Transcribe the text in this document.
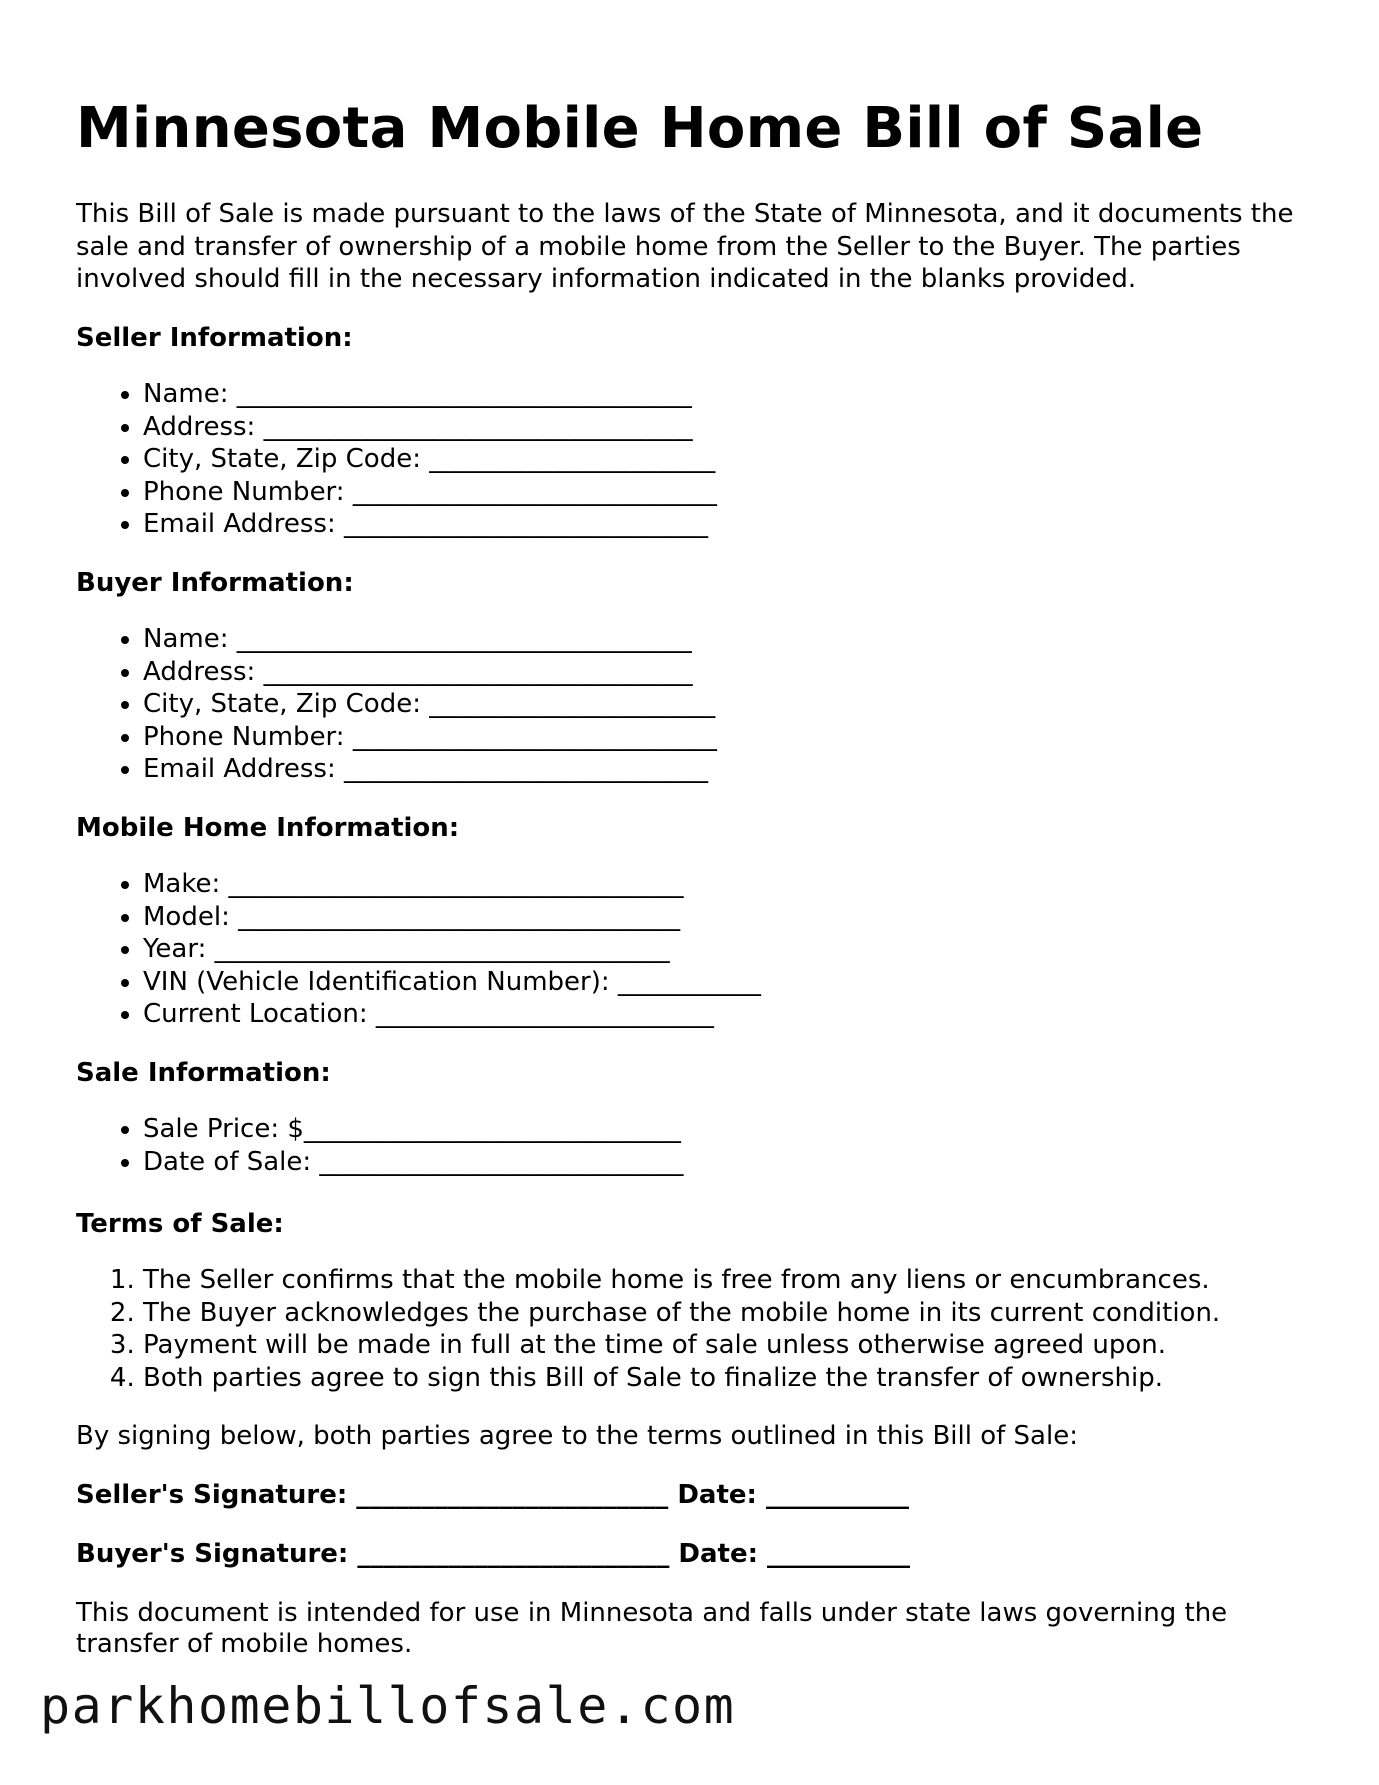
Minnesota Mobile Home Bill of Sale

This Bill of Sale is made pursuant to the laws of the State of Minnesota, and it documents the sale and transfer of ownership of a mobile home from the Seller to the Buyer. The parties involved should fill in the necessary information indicated in the blanks provided.

Seller Information:
• Name: ___________________________________
• Address: _________________________________
• City, State, Zip Code: ______________________
• Phone Number: ____________________________
• Email Address: ____________________________
Buyer Information:
• Name: ___________________________________
• Address: _________________________________
• City, State, Zip Code: ______________________
• Phone Number: ____________________________
• Email Address: ____________________________
Mobile Home Information:
• Make: ___________________________________
• Model: __________________________________
• Year: ___________________________________
• VIN (Vehicle Identification Number): ___________
• Current Location: __________________________
Sale Information:
• Sale Price: $_____________________________
• Date of Sale: ____________________________
Terms of Sale:
1. The Seller confirms that the mobile home is free from any liens or encumbrances.
2. The Buyer acknowledges the purchase of the mobile home in its current condition.
3. Payment will be made in full at the time of sale unless otherwise agreed upon.
4. Both parties agree to sign this Bill of Sale to finalize the transfer of ownership.

By signing below, both parties agree to the terms outlined in this Bill of Sale:

Seller's Signature: ________________________ Date: ___________

Buyer's Signature: ________________________ Date: ___________

This document is intended for use in Minnesota and falls under state laws governing the transfer of mobile homes.

parkhomebillofsale.com
